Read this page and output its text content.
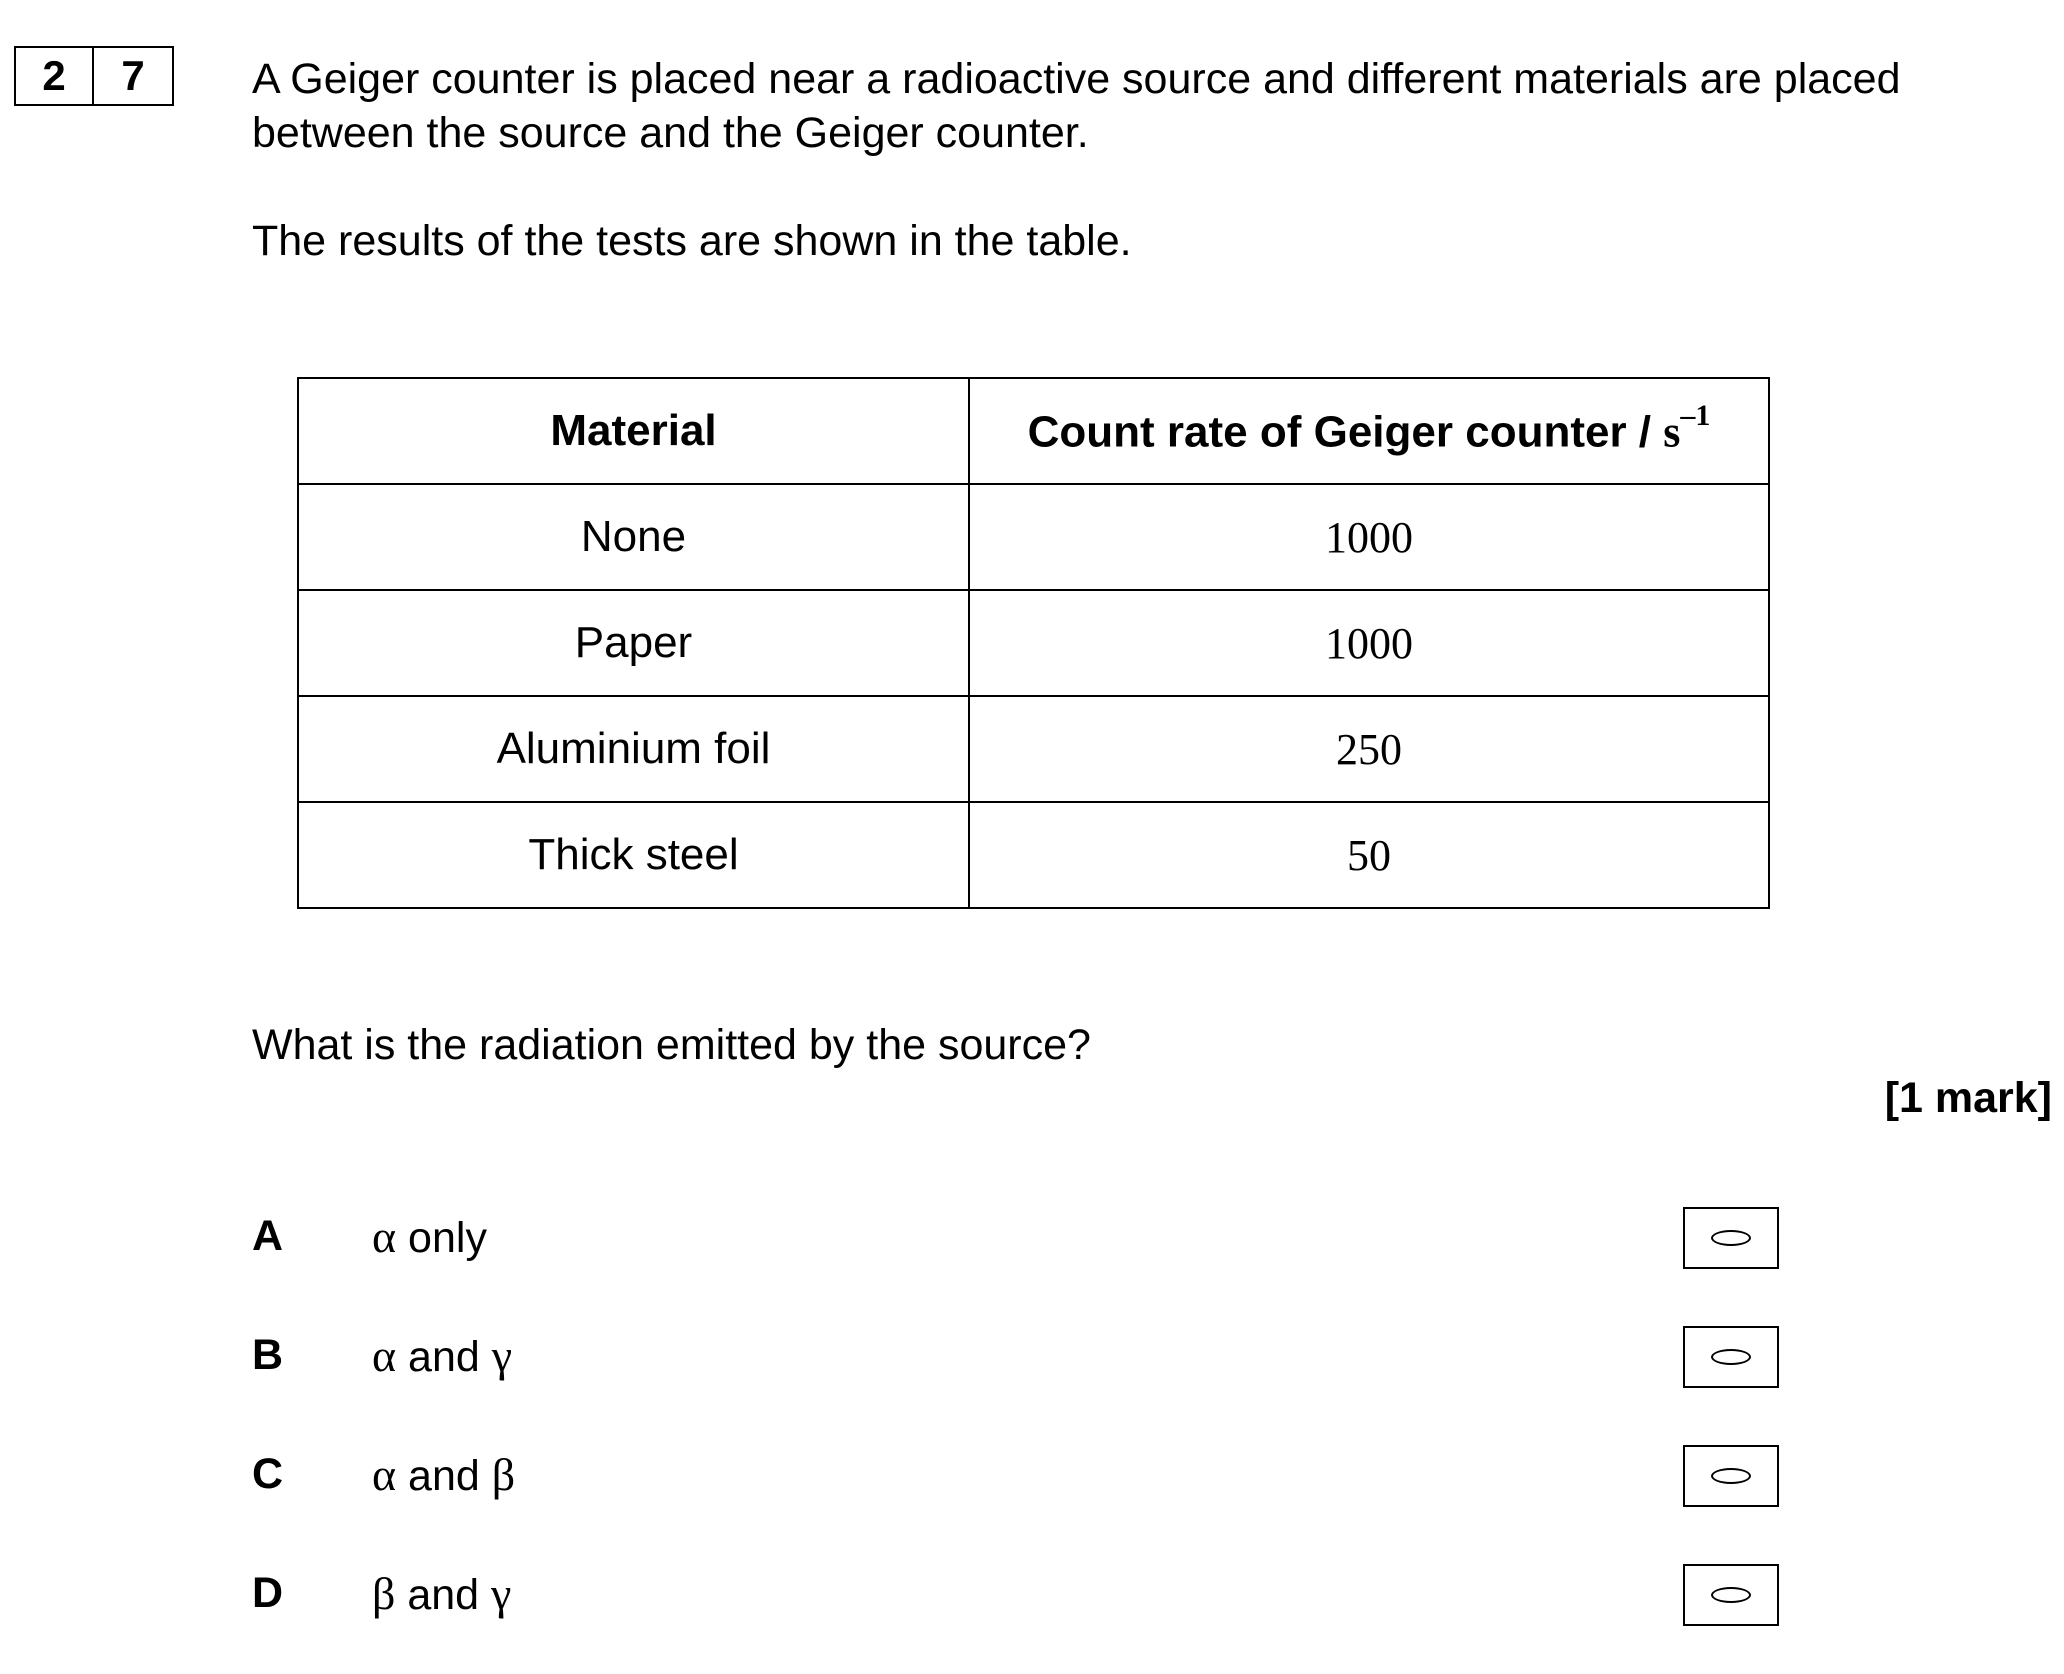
2	7	A Geiger counter is placed near a radioactive source and different materials are placed
between the source and the Geiger counter.
The results of the tests are shown in the table.
Material	Count rate of Geiger counter / $s^{-1}$
None	1000
Paper	1000
Aluminium foil	250
Thick steel	50
What is the radiation emitted by the source?
[1 mark]
A	α only
B	α and γ
C	α and β
D	β and γ
